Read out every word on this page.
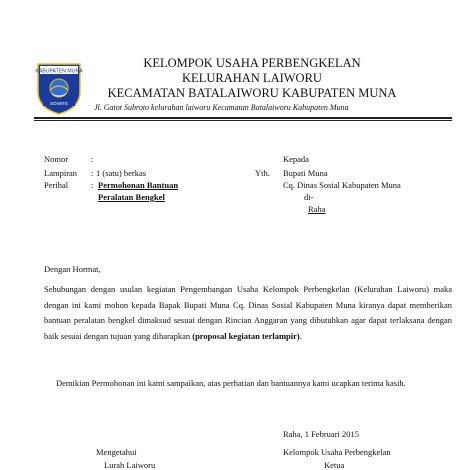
KABUPATEN MUNA
SOWITE
KELOMPOK USAHA PERBENGKELAN
KELURAHAN LAIWORU
KECAMATAN BATALAIWORU KABUPATEN MUNA
Jl. Gatot Subroto kelurahan laiworu Kecamatan Batalaiworu Kabupaten Muna
Nomor	:
Lampiran : 1 (satu) berkas
Perihal	: Permohonan Bantuan
Peralatan Bengkel
Kepada
Yth. Bupati Muna
Cq. Dinas Sosial Kabupaten Muna
di-
Raha
Dengan Hormat,

Sehubungan dengan usulan kegiatan Pengembangan Usaha Kelompok Perbengkelan (Kelurahan Laiworu) maka dengan ini kami mohon kepada Bapak Bupati Muna Cq. Dinas Sosial Kabupaten Muna kiranya dapat memberikan bantuan peralatan bengkel dimaksud sesuai dengan Rincian Anggaran yang dibutuhkan agar dapat terlaksana dengan baik sesuai dengan tujuan yang diharapkan (proposal kegiatan terlampir).

Demikian Permohonan ini kami sampaikan, atas perhatian dan bantuannya kami ucapkan terima kasih.

Raha, 1 Februari 2015
Mengetahui
Lurah Laiworu
Kelompok Usaha Perbengkelan
Ketua
